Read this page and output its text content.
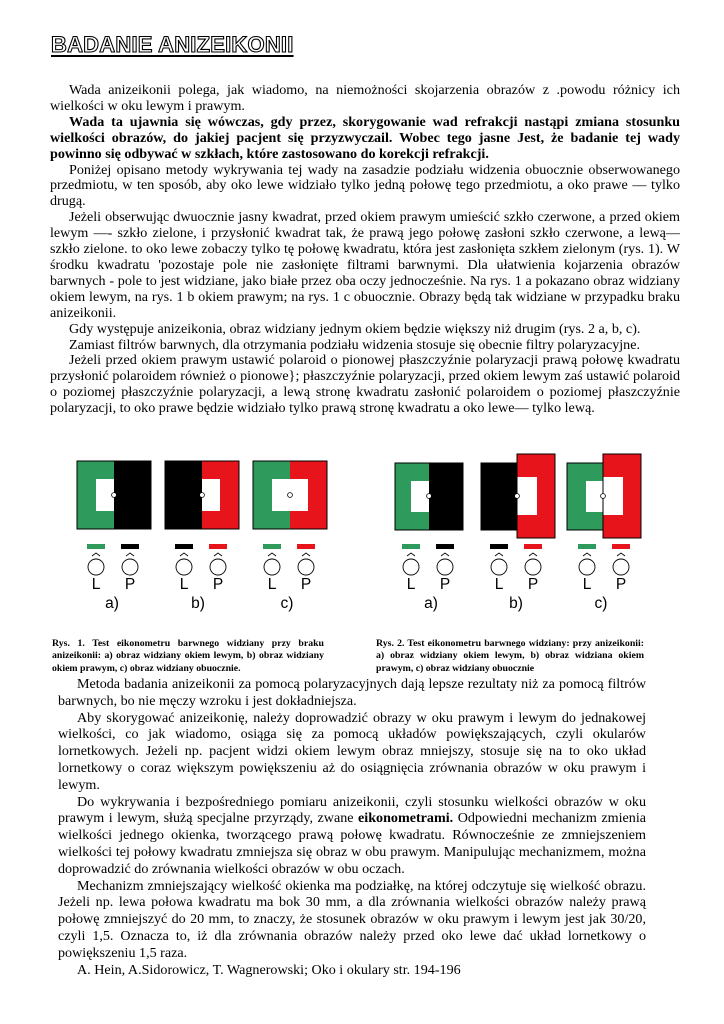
BADANIE ANIZEIKONII

Wada anizeikonii polega, jak wiadomo, na niemożności skojarzenia obrazów z .powodu różnicy ich wielkości w oku lewym i prawym.

Wada ta ujawnia się wówczas, gdy przez, skorygowanie wad refrakcji nastąpi zmiana stosunku wielkości obrazów, do jakiej pacjent się przyzwyczail. Wobec tego jasne Jest, że badanie tej wady powinno się odbywać w szkłach, które zastosowano do korekcji refrakcji.

Poniżej opisano metody wykrywania tej wady na zasadzie podziału widzenia obuocznie obserwowanego przedmiotu, w ten sposób, aby oko lewe widziało tylko jedną połowę tego przedmiotu, a oko prawe — tylko drugą.

Jeżeli obserwując dwuocznie jasny kwadrat, przed okiem prawym umieścić szkło czerwone, a przed okiem lewym —- szkło zielone, i przysłonić kwadrat tak, że prawą jego połowę zasłoni szkło czerwone, a lewą—szkło zielone. to oko lewe zobaczy tylko tę połowę kwadratu, która jest zasłonięta szkłem zielonym (rys. 1). W środku kwadratu 'pozostaje pole nie zasłonięte filtrami barwnymi. Dla ułatwienia kojarzenia obrazów barwnych - pole to jest widziane, jako białe przez oba oczy jednocześnie. Na rys. 1 a pokazano obraz widziany okiem lewym, na rys. 1 b okiem prawym; na rys. 1 c obuocznie. Obrazy będą tak widziane w przypadku braku anizeikonii.

Gdy występuje anizeikonia, obraz widziany jednym okiem będzie większy niż drugim (rys. 2 a, b, c).

Zamiast filtrów barwnych, dla otrzymania podziału widzenia stosuje się obecnie filtry polaryzacyjne.

Jeżeli przed okiem prawym ustawić polaroid o pionowej płaszczyźnie polaryzacji prawą połowę kwadratu przysłonić polaroidem również o pionowe}; płaszczyźnie polaryzacji, przed okiem lewym zaś ustawić polaroid o poziomej płaszczyźnie polaryzacji, a lewą stronę kwadratu zasłonić polaroidem o poziomej płaszczyźnie polaryzacji, to oko prawe będzie widziało tylko prawą stronę kwadratu a oko lewe— tylko lewą.

L P	L P	L P	L P	L P	L P
a)	b)	c)	a)	b)	c)

Rys. 1. Test eikonometru barwnego widziany przy braku anizeikonii: a) obraz widziany okiem lewym, b) obraz widziany okiem prawym, c) obraz widziany obuocznie.

Rys. 2. Test eikonometru barwnego widziany: przy anizeikonii: a) obraz widziany okiem lewym, b) obraz widziana okiem prawym, c) obraz widziany obuocznie

Metoda badania anizeikonii za pomocą polaryzacyjnych dają lepsze rezultaty niż za pomocą filtrów barwnych, bo nie męczy wzroku i jest dokładniejsza.

Aby skorygować anizeikonię, należy doprowadzić obrazy w oku prawym i lewym do jednakowej wielkości, co jak wiadomo, osiąga się za pomocą układów powiększających, czyli okularów lornetkowych. Jeżeli np. pacjent widzi okiem lewym obraz mniejszy, stosuje się na to oko układ lornetkowy o coraz większym powiększeniu aż do osiągnięcia zrównania obrazów w oku prawym i lewym.

Do wykrywania i bezpośredniego pomiaru anizeikonii, czyli stosunku wielkości obrazów w oku prawym i lewym, służą specjalne przyrządy, zwane eikonometrami. Odpowiedni mechanizm zmienia wielkości jednego okienka, tworzącego prawą połowę kwadratu. Równocześnie ze zmniejszeniem wielkości tej połowy kwadratu zmniejsza się obraz w obu prawym. Manipulując mechanizmem, można doprowadzić do zrównania wielkości obrazów w obu oczach.

Mechanizm zmniejszający wielkość okienka ma podziałkę, na której odczytuje się wielkość obrazu. Jeżeli np. lewa połowa kwadratu ma bok 30 mm, a dla zrównania wielkości obrazów należy prawą połowę zmniejszyć do 20 mm, to znaczy, że stosunek obrazów w oku prawym i lewym jest jak 30/20, czyli 1,5. Oznacza to, iż dla zrównania obrazów należy przed oko lewe dać układ lornetkowy o powiększeniu 1,5 raza.

A. Hein, A.Sidorowicz, T. Wagnerowski; Oko i okulary str. 194-196
